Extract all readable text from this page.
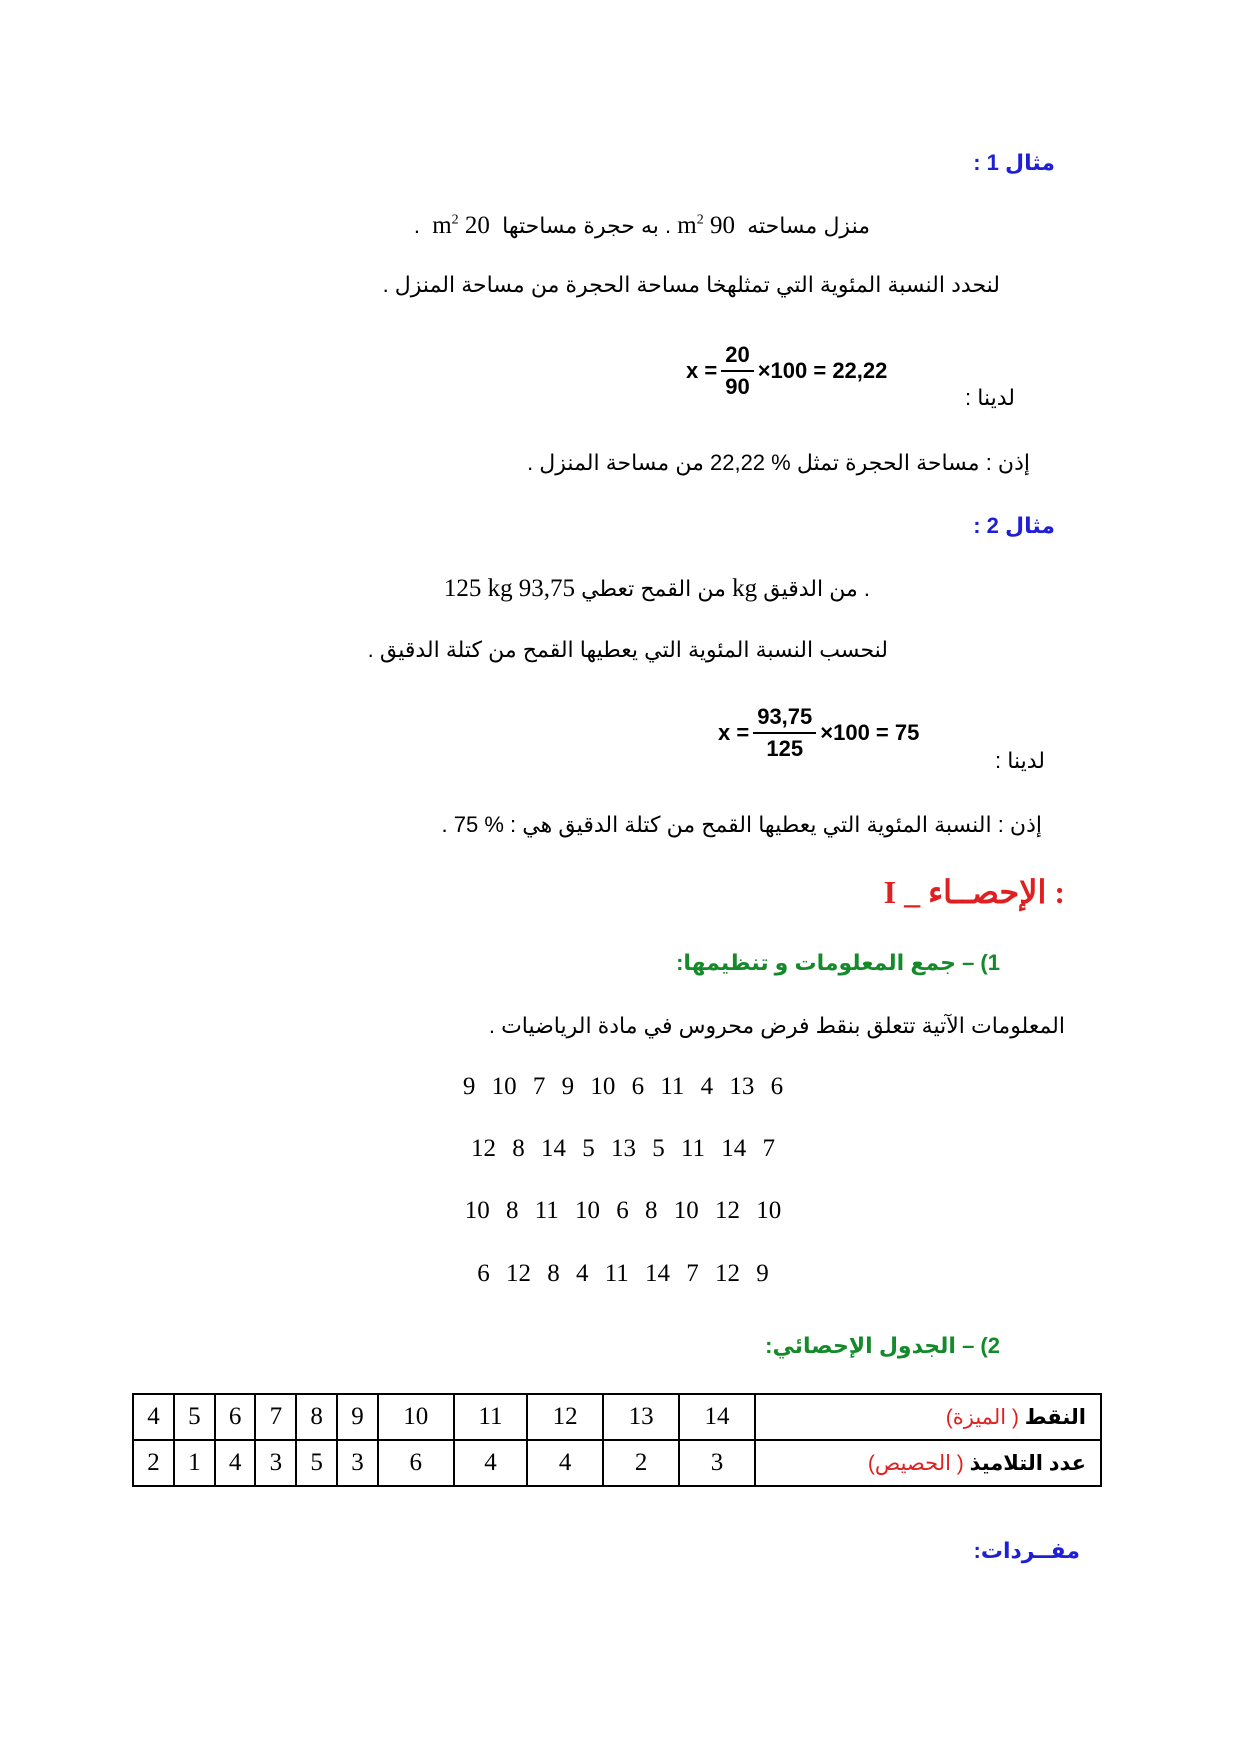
مثال 1 :
منزل مساحته  90 $m^2$ . به حجرة مساحتها  20 $m^2$  .
لنحدد النسبة المئوية التي تمثلهخا مساحة الحجرة من مساحة المنزل .
لدينا :
$x = \frac{20}{90} \times 100 = 22,22$
إذن : مساحة الحجرة تمثل % 22,22 من مساحة المنزل .
مثال 2 :
125 kg من القمح تعطي 93,75 kg من الدقيق .
لنحسب النسبة المئوية التي يعطيها القمح من كتلة الدقيق .
لدينا :
$x = \frac{93,75}{125} \times 100 = 75$
إذن : النسبة المئوية التي يعطيها القمح من كتلة الدقيق هي : % 75 .
I _ الإحصــاء :
1) – جمع المعلومات و تنظيمها:
المعلومات الآتية تتعلق بنقط فرض محروس في مادة الرياضيات .
9 10 7 9 10 6 11 4 13 6
12 8 14 5 13 5 11 14 7
10 8 11 10 6 8 10 12 10
6 12 8 4 11 14 7 12 9
2) – الجدول الإحصائي:
النقط ( الميزة)	14	13	12	11	10	9	8	7	6	5	4
عدد التلاميذ ( الحصيص)	3	2	4	4	6	3	5	3	4	1	2
مفــردات:
